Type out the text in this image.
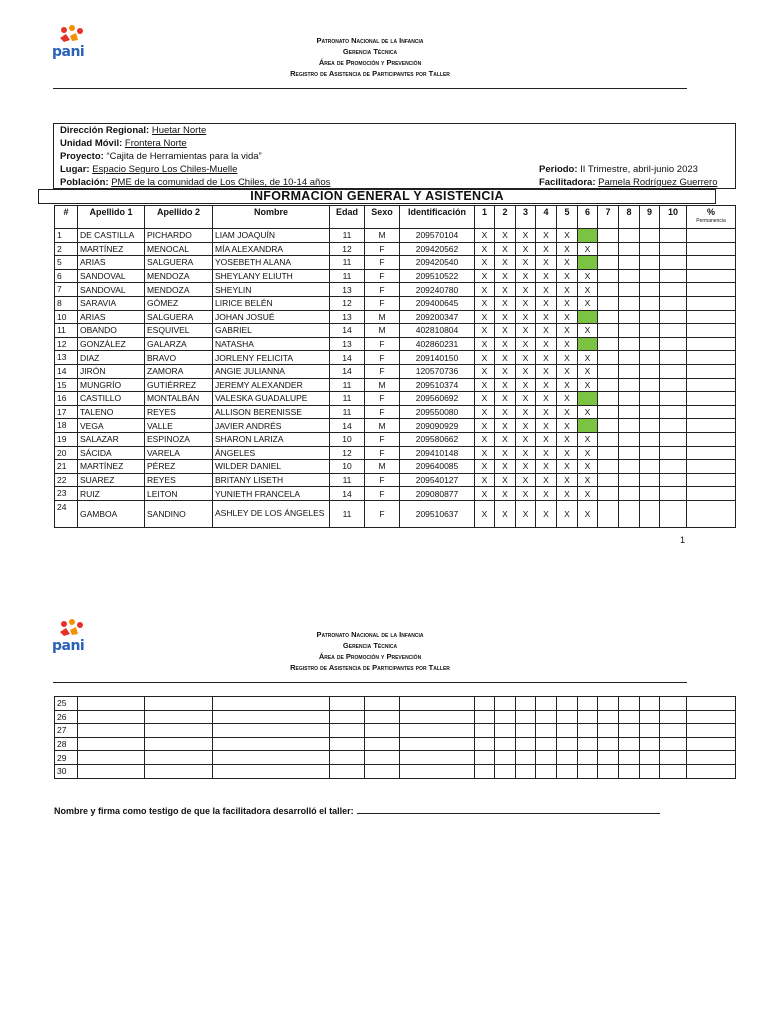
pani
Patronato Nacional de la Infancia
Gerencia Técnica
Área de Promoción y Prevención
Registro de Asistencia de Participantes por Taller
Dirección Regional: Huetar Norte
Unidad Móvil: Frontera Norte
Proyecto: “Cajita de Herramientas para la vida”
Lugar: Espacio Seguro Los Chiles-Muelle
Población: PME de la comunidad de Los Chiles, de 10-14 años
Periodo: II Trimestre, abril-junio 2023
Facilitadora: Pamela Rodríguez Guerrero
INFORMACION GENERAL Y ASISTENCIA
#	Apellido 1	Apellido 2	Nombre	Edad	Sexo	Identificación	1	2	3	4	5	6	7	8	9	10	%
Permanencia

1	DE CASTILLA	PICHARDO	LIAM JOAQUÍN	11	M	209570104	X	X	X	X	X						
2	MARTÍNEZ	MENOCAL	MÍA ALEXANDRA	12	F	209420562	X	X	X	X	X	X					
5	ARIAS	SALGUERA	YOSEBETH ALANA	11	F	209420540	X	X	X	X	X						
6	SANDOVAL	MENDOZA	SHEYLANY ELIUTH	11	F	209510522	X	X	X	X	X	X					
7	SANDOVAL	MENDOZA	SHEYLIN	13	F	209240780	X	X	X	X	X	X					
8	SARAVIA	GÓMEZ	LIRICE BELÉN	12	F	209400645	X	X	X	X	X	X					
10	ARIAS	SALGUERA	JOHAN JOSUÉ	13	M	209200347	X	X	X	X	X						
11	OBANDO	ESQUIVEL	GABRIEL	14	M	402810804	X	X	X	X	X	X					
12	GONZÁLEZ	GALARZA	NATASHA	13	F	402860231	X	X	X	X	X						
13	DIAZ	BRAVO	JORLENY FELICITA	14	F	209140150	X	X	X	X	X	X					
14	JIRÓN	ZAMORA	ANGIE JULIANNA	14	F	120570736	X	X	X	X	X	X					
15	MUNGRÍO	GUTIÉRREZ	JEREMY ALEXANDER	11	M	209510374	X	X	X	X	X	X					
16	CASTILLO	MONTALBÁN	VALESKA GUADALUPE	11	F	209560692	X	X	X	X	X						
17	TALENO	REYES	ALLISON BERENISSE	11	F	209550080	X	X	X	X	X	X					
18	VEGA	VALLE	JAVIER ANDRÉS	14	M	209090929	X	X	X	X	X						
19	SALAZAR	ESPINOZA	SHARON LARIZA	10	F	209580662	X	X	X	X	X	X					
20	SÁCIDA	VARELA	ÁNGELES	12	F	209410148	X	X	X	X	X	X					
21	MARTÍNEZ	PÉREZ	WILDER DANIEL	10	M	209640085	X	X	X	X	X	X					
22	SUAREZ	REYES	BRITANY LISETH	11	F	209540127	X	X	X	X	X	X					
23	RUIZ	LEITON	YUNIETH FRANCELA	14	F	209080877	X	X	X	X	X	X					
24	GAMBOA	SANDINO	ASHLEY DE LOS ÁNGELES	11	F	209510637	X	X	X	X	X	X					
1
pani
Patronato Nacional de la Infancia
Gerencia Técnica
Área de Promoción y Prevención
Registro de Asistencia de Participantes por Taller
25																	
26																	
27																	
28																	
29																	
30																	
Nombre y firma como testigo de que la facilitadora desarrolló el taller:
